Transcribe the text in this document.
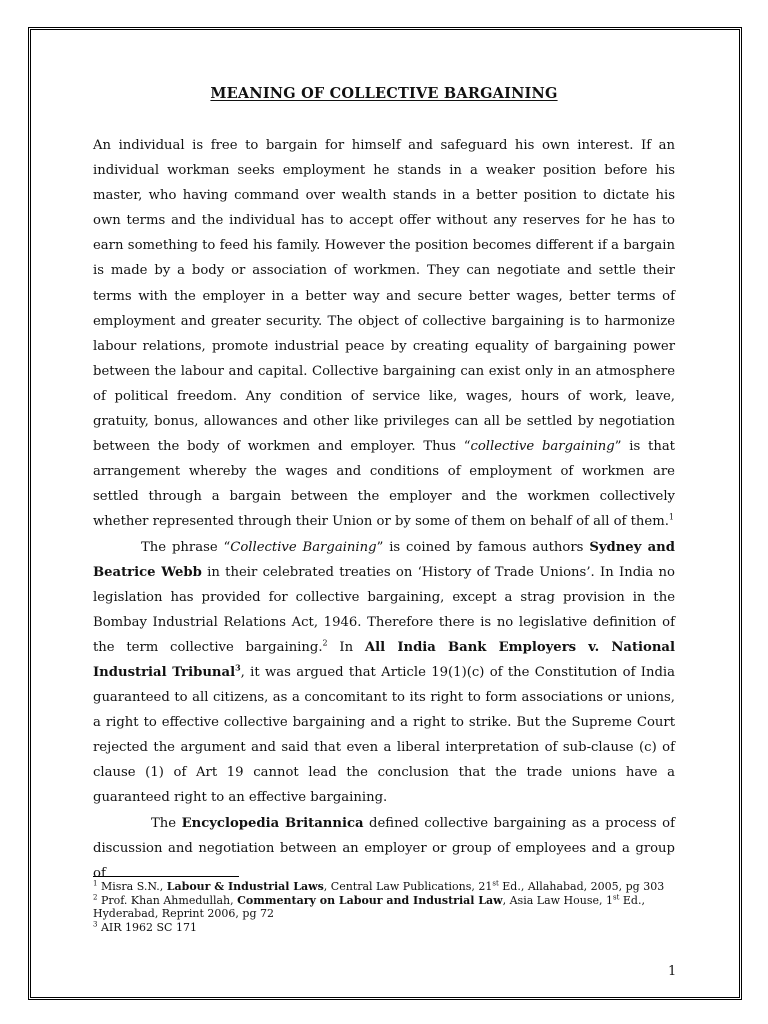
MEANING OF COLLECTIVE BARGAINING

An individual is free to bargain for himself and safeguard his own interest. If an individual workman seeks employment he stands in a weaker position before his master, who having command over wealth stands in a better position to dictate his own terms and the individual has to accept offer without any reserves for he has to earn something to feed his family. However the position becomes different if a bargain is made by a body or association of workmen. They can negotiate and settle their terms with the employer in a better way and secure better wages, better terms of employment and greater security. The object of collective bargaining is to harmonize labour relations, promote industrial peace by creating equality of bargaining power between the labour and capital. Collective bargaining can exist only in an atmosphere of political freedom. Any condition of service like, wages, hours of work, leave, gratuity, bonus, allowances and other like privileges can all be settled by negotiation between the body of workmen and employer. Thus “collective bargaining” is that arrangement whereby the wages and conditions of employment of workmen are settled through a bargain between the employer and the workmen collectively whether represented through their Union or by some of them on behalf of all of them.$^1$

The phrase “Collective Bargaining” is coined by famous authors Sydney and Beatrice Webb in their celebrated treaties on ‘History of Trade Unions’. In India no legislation has provided for collective bargaining, except a strag provision in the Bombay Industrial Relations Act, 1946. Therefore there is no legislative definition of the term collective bargaining.$^2$ In All India Bank Employers v. National Industrial Tribunal$^3$, it was argued that Article 19(1)(c) of the Constitution of India guaranteed to all citizens, as a concomitant to its right to form associations or unions, a right to effective collective bargaining and a right to strike. But the Supreme Court rejected the argument and said that even a liberal interpretation of sub-clause (c) of clause (1) of Art 19 cannot lead the conclusion that the trade unions have a guaranteed right to an effective bargaining.

The Encyclopedia Britannica defined collective bargaining as a process of discussion and negotiation between an employer or group of employees and a group of

$^1$ Misra S.N., Labour & Industrial Laws, Central Law Publications, 21st Ed., Allahabad, 2005, pg 303
$^2$ Prof. Khan Ahmedullah, Commentary on Labour and Industrial Law, Asia Law House, 1st Ed., Hyderabad, Reprint 2006, pg 72
$^3$ AIR 1962 SC 171
1
